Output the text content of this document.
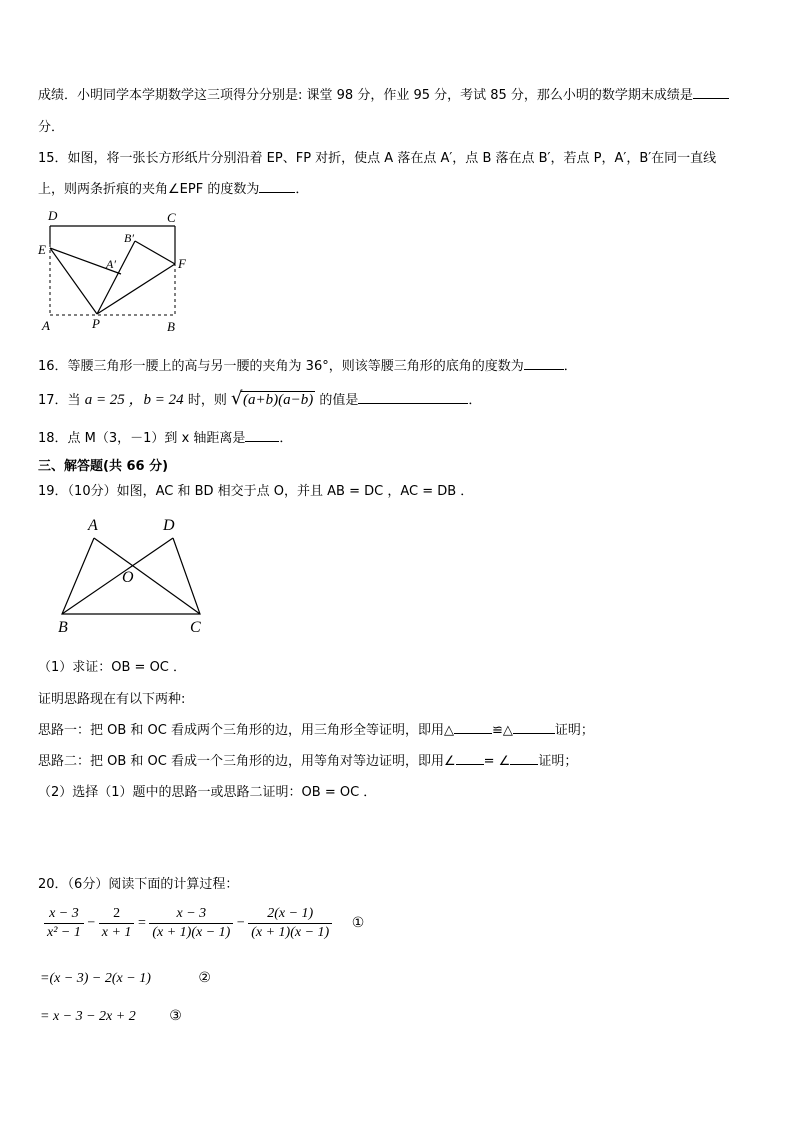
成绩．小明同学本学期数学这三项得分分别是: 课堂 98 分，作业 95 分，考试 85 分，那么小明的数学期末成绩是
分．
15．如图，将一张长方形纸片分别沿着 EP、FP 对折，使点 A 落在点 A′，点 B 落在点 B′，若点 P，A′，B′在同一直线
上，则两条折痕的夹角∠EPF 的度数为	．
D	C
E
F
B′
A′
A	P	B
16．等腰三角形一腰上的高与另一腰的夹角为 36°，则该等腰三角形的底角的度数为	．
17．当 a = 25 ，b = 24 时，则 √ (a+b)(a−b) 的值是	．
18．点 M（3，－1）到 x 轴距离是	．
三、解答题(共 66 分)
19．（10分）如图，AC 和 BD 相交于点 O，并且 AB = DC ，AC = DB ．
A	D
O
B	C
（1）求证：OB = OC ．
证明思路现在有以下两种:
思路一：把 OB 和 OC 看成两个三角形的边，用三角形全等证明，即用△	≌△	证明；
思路二：把 OB 和 OC 看成一个三角形的边，用等角对等边证明，即用∠ = ∠ 证明；
（2）选择（1）题中的思路一或思路二证明：OB = OC ．
20．（6分）阅读下面的计算过程：
$\frac{x - 3}{\text{x² − 1}} - \frac{2}{x + 1} = \frac{x - 3}{(x + 1)(x - 1)} - \frac{2(x - 1)}{(x + 1)(x - 1)}$ ①
=(x − 3) − 2(x − 1)	②
= x − 3 − 2x + 2 ③
